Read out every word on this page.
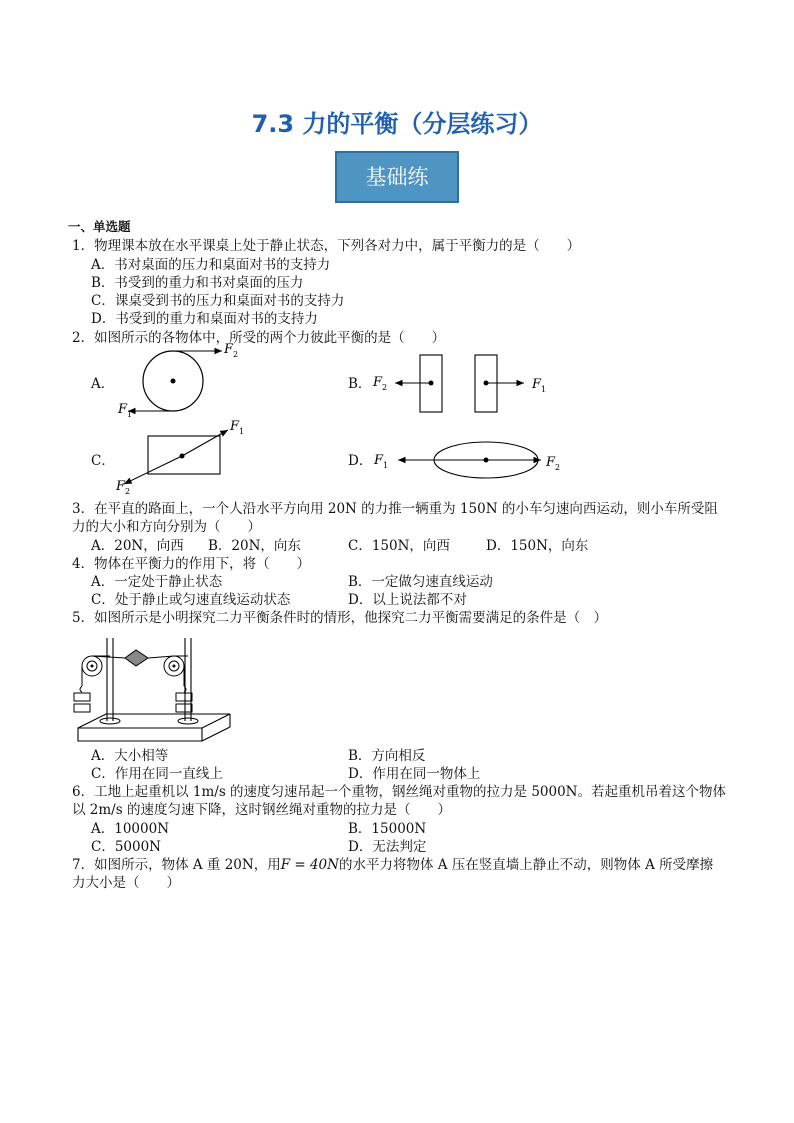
7.3 力的平衡（分层练习）
基础练
一、单选题
1．物理课本放在水平课桌上处于静止状态，下列各对力中，属于平衡力的是（　　）
A．书对桌面的压力和桌面对书的支持力
B．书受到的重力和书对桌面的压力
C．课桌受到书的压力和桌面对书的支持力
D．书受到的重力和桌面对书的支持力
2．如图所示的各物体中，所受的两个力彼此平衡的是（　　）
A．	B．
C．	D．
$F_2$
$F_1$
$F_2$	$F_1$
$F_1$
$F_2$
$F_1$	$F_2$
3．在平直的路面上，一个人沿水平方向用 20N 的力推一辆重为 150N 的小车匀速向西运动，则小车所受阻
力的大小和方向分别为（　　）
A．20N，向西 B．20N，向东	C．150N，向西	D．150N，向东
4．物体在平衡力的作用下，将（　　）
A．一定处于静止状态	B．一定做匀速直线运动
C．处于静止或匀速直线运动状态	D．以上说法都不对
5．如图所示是小明探究二力平衡条件时的情形，他探究二力平衡需要满足的条件是（　）
A．大小相等	B．方向相反
C．作用在同一直线上	D．作用在同一物体上
6．工地上起重机以 1m/s 的速度匀速吊起一个重物，钢丝绳对重物的拉力是 5000N。若起重机吊着这个物体
以 2m/s 的速度匀速下降，这时钢丝绳对重物的拉力是（　　）
A．10000N	B．15000N
C．5000N	D．无法判定
7．如图所示，物体 A 重 20N，用F = 40N的水平力将物体 A 压在竖直墙上静止不动，则物体 A 所受摩擦
力大小是（　　）
